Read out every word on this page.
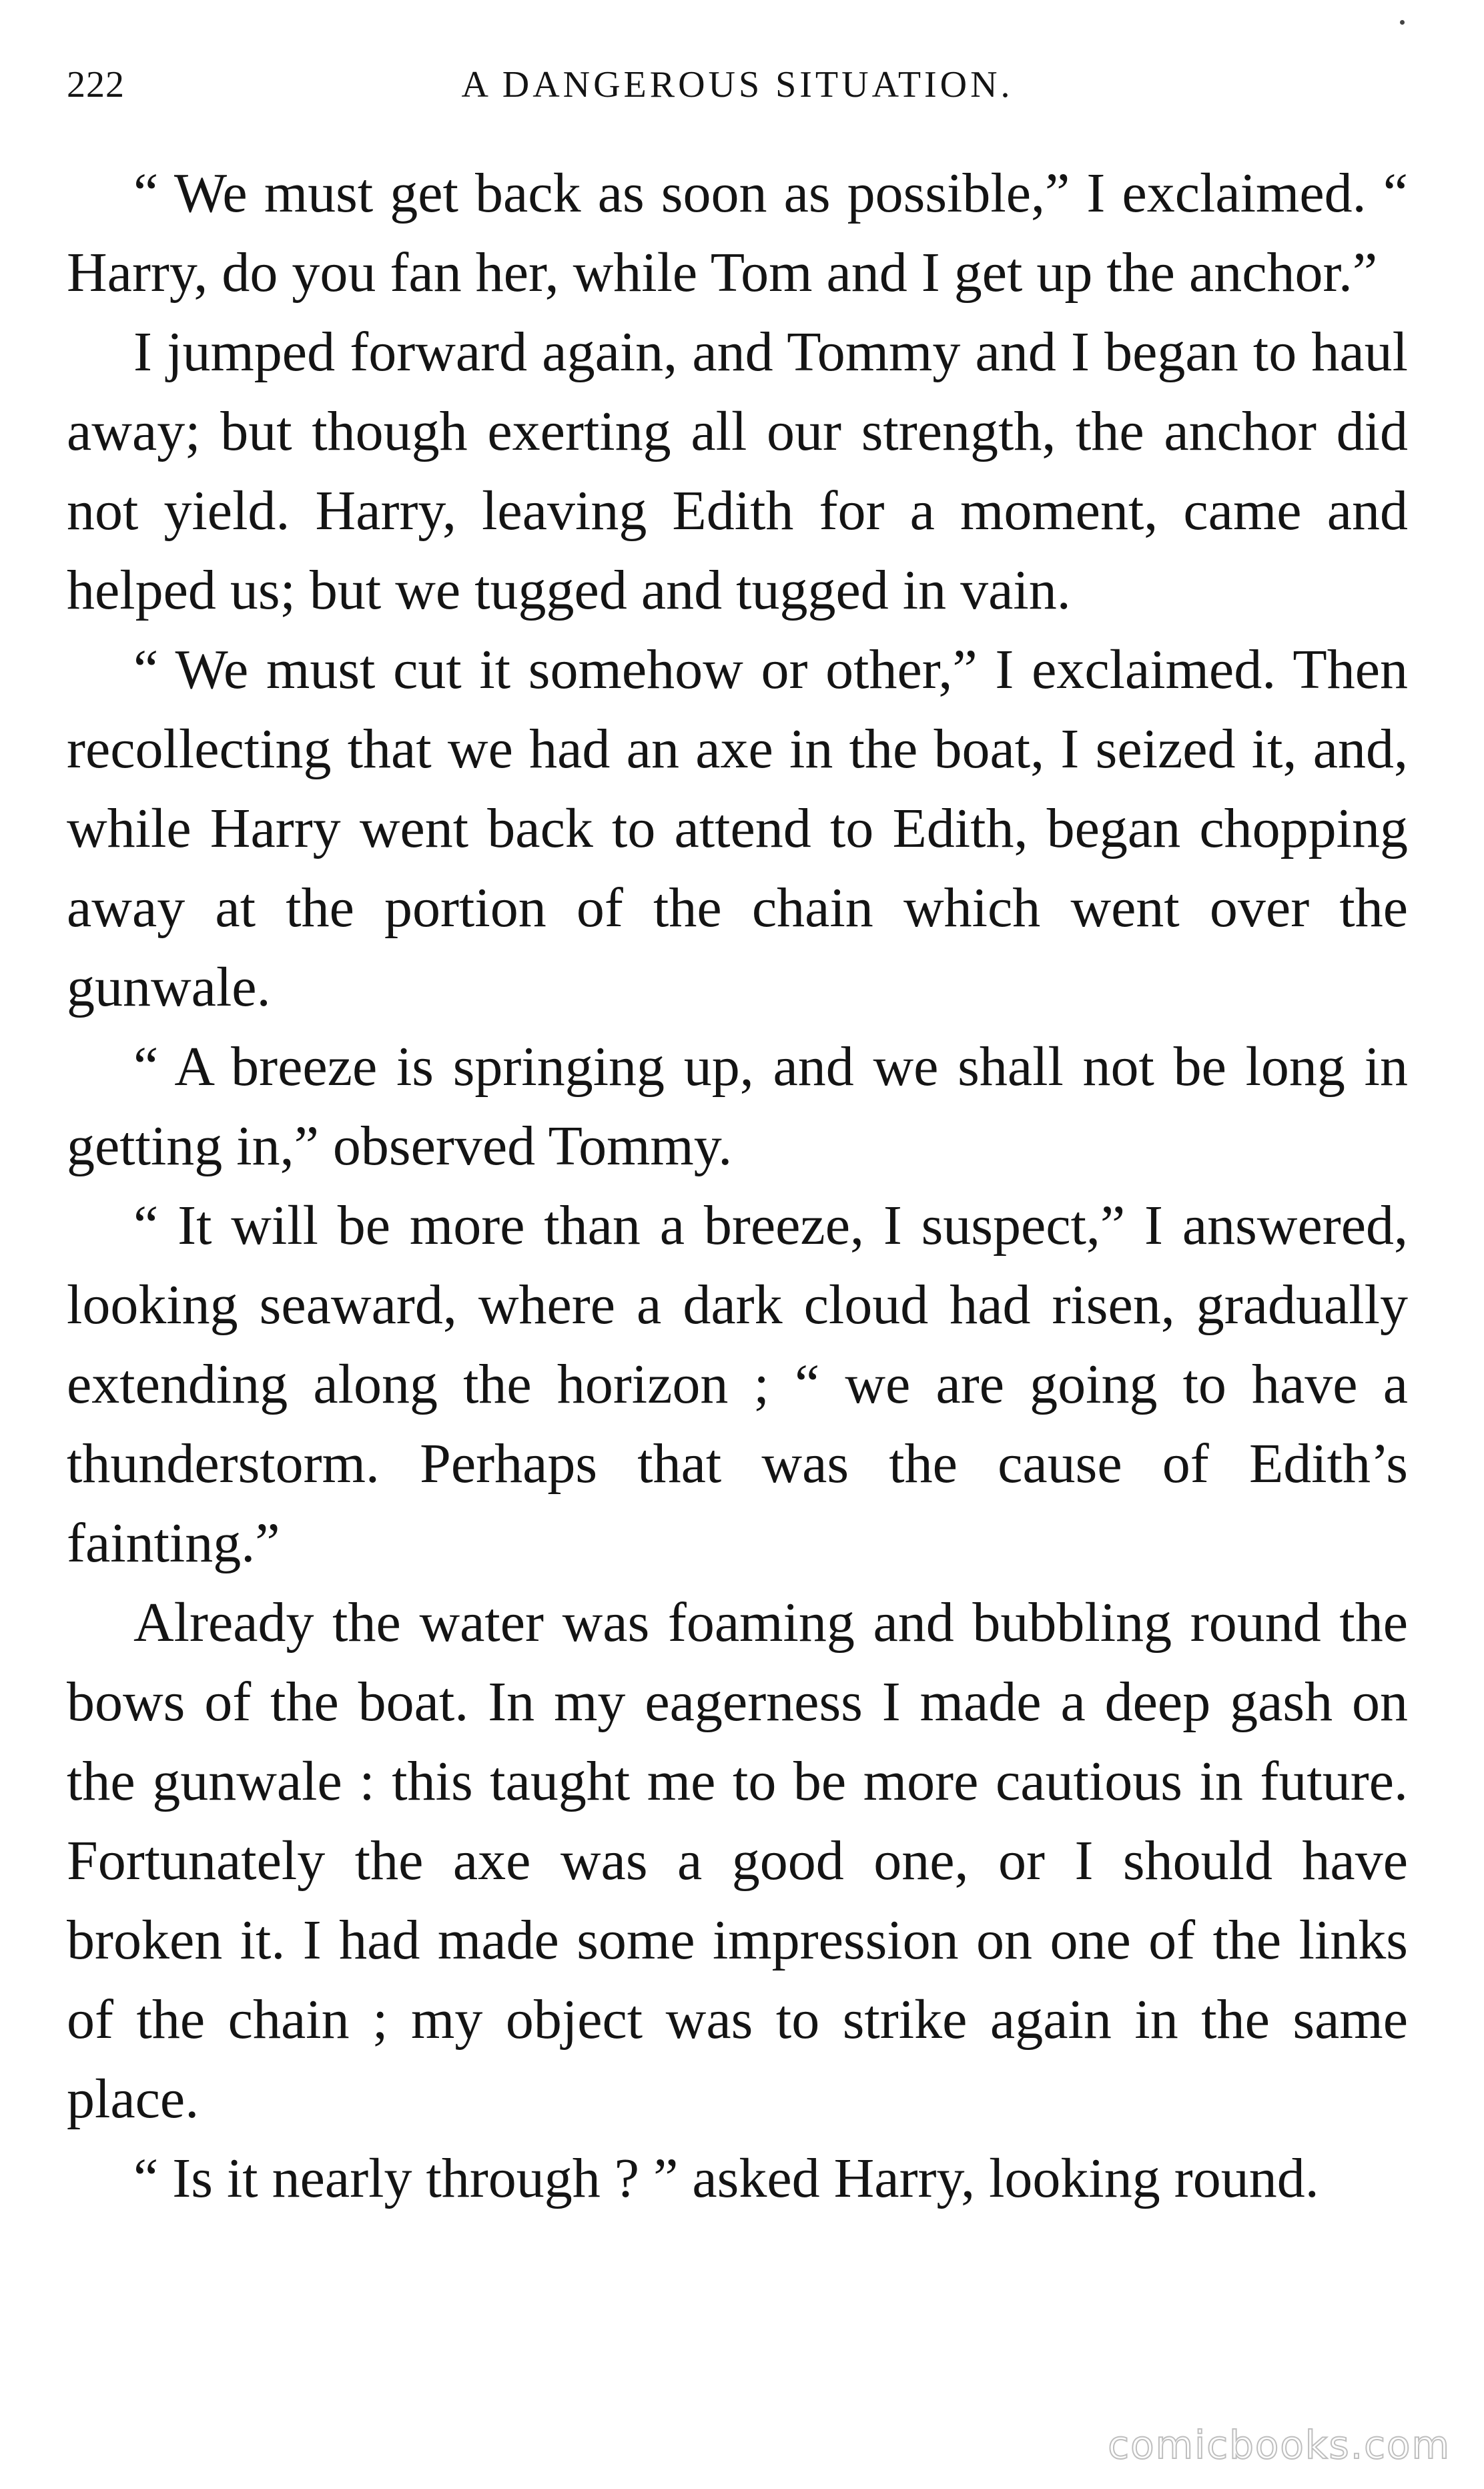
222	A DANGEROUS SITUATION.

“ We must get back as soon as possible,” I exclaimed. “ Harry, do you fan her, while Tom and I get up the anchor.”

I jumped forward again, and Tommy and I began to haul away; but though exerting all our strength, the anchor did not yield. Harry, leaving Edith for a moment, came and helped us; but we tugged and tugged in vain.

“ We must cut it somehow or other,” I exclaimed. Then recollecting that we had an axe in the boat, I seized it, and, while Harry went back to attend to Edith, began chopping away at the portion of the chain which went over the gunwale.

“ A breeze is springing up, and we shall not be long in getting in,” observed Tommy.

“ It will be more than a breeze, I suspect,” I answered, looking seaward, where a dark cloud had risen, gradually extending along the horizon ; “ we are going to have a thunderstorm. Perhaps that was the cause of Edith’s fainting.”

Already the water was foaming and bubbling round the bows of the boat. In my eagerness I made a deep gash on the gunwale : this taught me to be more cautious in future. Fortunately the axe was a good one, or I should have broken it. I had made some impression on one of the links of the chain ; my object was to strike again in the same place.

“ Is it nearly through ? ” asked Harry, looking round.

comicbooks.com
